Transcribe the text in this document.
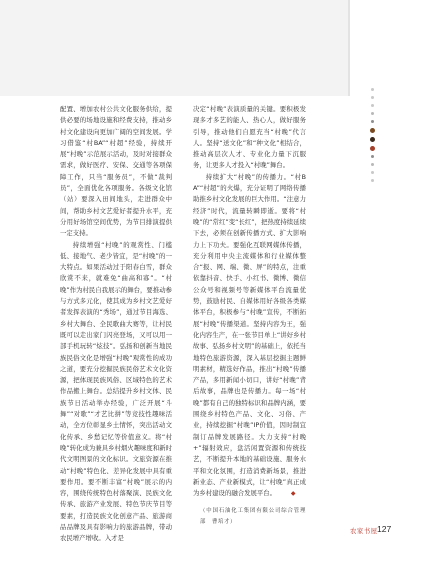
配置、增加农村公共文化服务供给，提供必要的场地设施和经费支持，推动乡村文化建设向更加广阔的空间发展。学习借鉴“村BA”“村超”经验，持续开展“村晚”示范展示活动，及时对接群众需求，做好医疗、安保、交通等各项保障工作，只当“服务员”，不做“裁判员”，全面优化各项服务。各级文化馆（站）要深入田间地头，走进群众中间，帮助乡村文艺爱好者提升水平，充分用好场馆空间优势，为节目排演提供一定支持。

持续增强“村晚”的观赏性、门槛低、接地气、老少皆宜，是“村晚”的一大特点。如果活动过于阳春白雪，群众欣赏不来，就难免“曲高和寡”。“村晚”作为村民自我展示的舞台，要推动参与方式多元化，使其成为乡村文艺爱好者发挥表演的“秀场”，通过节目海选、乡村大舞台、全民歌曲大赛等，让村民既可以走出家门闪亮登场，又可以用一部手机玩转“炫技”。弘扬和创新当地民族民俗文化是增强“村晚”观赏性的成功之道，要充分挖掘民族民俗艺术文化资源，把体现民族风俗、区域特色的艺术作品搬上舞台。总结提升乡村文体、民族节日活动举办经验，广泛开展“斗舞”“对歌”“才艺比拼”等竞技性趣味活动，全方位彰显乡土情怀，突出活动文化传承、乡愁记忆等价值意义。将“村晚”转化成为兼具乡村烟火趣味度和新时代文明图景的文化标识。文旅资源在推动“村晚”特色化、差异化发展中具有重要作用。要不断丰富“村晚”展示的内容，围绕传统特色村落聚演、民族文化传承、旅游产业发展、特色节庆节目等要素，打造民族文化创意产品、旅游商品品牌及具有影响力的旅游品牌，带动农民增产增收。入才是

决定“村晚”表演质量的关键。要积极发现多才多艺的能人、热心人，做好服务引导，推动他们自愿充当“村晚”代言人。坚持“送文化”和“种文化”相结合，推动高层次人才、专业化力量下沉服务，让更多人才投入“村晚”舞台。

持续扩大“村晚”的传播力。“村BA”“村超”的火爆，充分证明了网络传播助推乡村文化发展的巨大作用。“注意力经济”时代，流量转瞬即逝。要将“村晚”的“常红”变“长红”，把热度持续延续下去，必须在创新传播方式、扩大影响力上下功夫。要强化互联网媒体传播，充分利用中央主流媒体和行业媒体整合“报、网、端、微、屏”的特点，注重依靠抖音、快手、小红书、微博、微信公众号和视频号等新媒体平台流量优势，鼓励村民、自媒体用好各级各类媒体平台，积极参与“村晚”宣传，不断拓展“村晚”传播渠道。坚持内容为王，强化内容生产，在一张节目单上“讲好乡村故事、弘扬乡村文明”的基础上，依托当地特色旅游资源，深入基层挖掘主题鲜明素材，精选好作品，推出“村晚”传播产品，多用新闻小切口，讲好“村晚”背后故事，品牌也是传播力。每一场“村晚”都有自己的独特标识和品牌内涵，要围绕乡村特色产品、文化、习俗、产业，持续挖掘“村晚”IP价值，因时制宜制订品牌发展路径。大力支持“村晚+”辐射效应，盘活闲置资源和传统技艺，不断提升本地的基础设施、服务水平和文化氛围，打造消费新场景，推进新业态、产业新模式，让“村晚”真正成为乡村建设的融合发展平台。 ◆

（中国石油化工集团有限公司综合管理部　曹培才）

农家书屋 127
